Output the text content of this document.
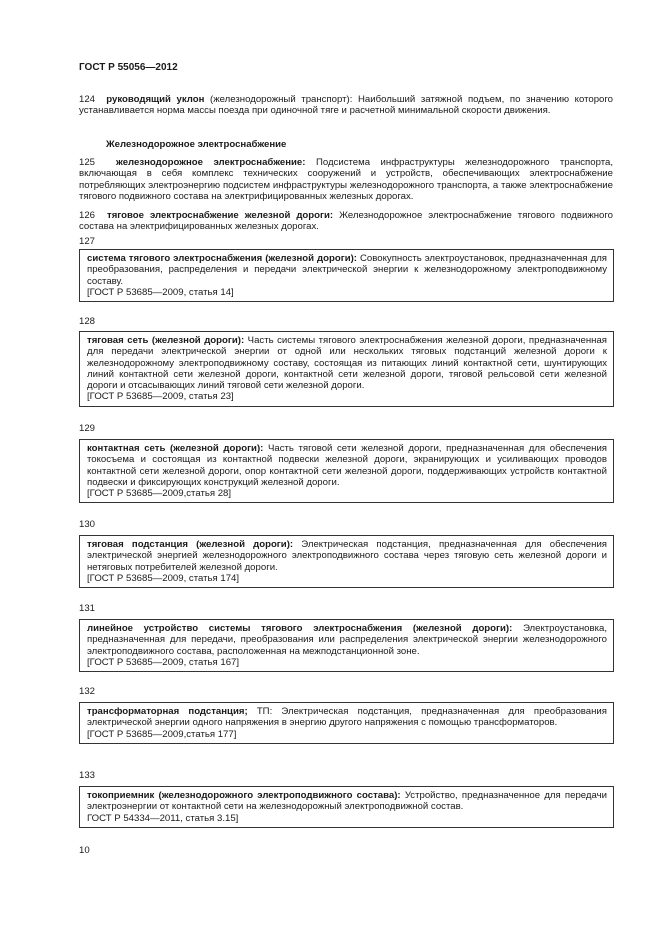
ГОСТ Р 55056—2012

124 руководящий уклон (железнодорожный транспорт): Наибольший затяжной подъем, по значению которого устанавливается норма массы поезда при одиночной тяге и расчетной минимальной скорости движения.

Железнодорожное электроснабжение

125 железнодорожное электроснабжение: Подсистема инфраструктуры железнодорожного транспорта, включающая в себя комплекс технических сооружений и устройств, обеспечивающих электроснабжение потребляющих электроэнергию подсистем инфраструктуры железнодорожного транспорта, а также электроснабжение тягового подвижного состава на электрифицированных железных дорогах.

126 тяговое электроснабжение железной дороги: Железнодорожное электроснабжение тягового подвижного состава на электрифицированных железных дорогах.

127

система тягового электроснабжения (железной дороги): Совокупность электроустановок, предназначенная для преобразования, распределения и передачи электрической энергии к железнодорожному электроподвижному составу.

[ГОСТ Р 53685—2009, статья 14]

128

тяговая сеть (железной дороги): Часть системы тягового электроснабжения железной дороги, предназначенная для передачи электрической энергии от одной или нескольких тяговых подстанций железной дороги к железнодорожному электроподвижному составу, состоящая из питающих линий контактной сети, шунтирующих линий контактной сети железной дороги, контактной сети железной дороги, тяговой рельсовой сети железной дороги и отсасывающих линий тяговой сети железной дороги.

[ГОСТ Р 53685—2009, статья 23]

129

контактная сеть (железной дороги): Часть тяговой сети железной дороги, предназначенная для обеспечения токосъема и состоящая из контактной подвески железной дороги, экранирующих и усиливающих проводов контактной сети железной дороги, опор контактной сети железной дороги, поддерживающих устройств контактной подвески и фиксирующих конструкций железной дороги.

[ГОСТ Р 53685—2009,статья 28]

130

тяговая подстанция (железной дороги): Электрическая подстанция, предназначенная для обеспечения электрической энергией железнодорожного электроподвижного состава через тяговую сеть железной дороги и нетяговых потребителей железной дороги.

[ГОСТ Р 53685—2009, статья 174]

131

линейное устройство системы тягового электроснабжения (железной дороги): Электроустановка, предназначенная для передачи, преобразования или распределения электрической энергии железнодорожного электроподвижного состава, расположенная на межподстанционной зоне.

[ГОСТ Р 53685—2009, статья 167]

132

трансформаторная подстанция; ТП: Электрическая подстанция, предназначенная для преобразования электрической энергии одного напряжения в энергию другого напряжения с помощью трансформаторов.

[ГОСТ Р 53685—2009,статья 177]

133

токоприемник (железнодорожного электроподвижного состава): Устройство, предназначенное для передачи электроэнергии от контактной сети на железнодорожный электроподвижной состав.

ГОСТ Р 54334—2011, статья 3.15]

10
